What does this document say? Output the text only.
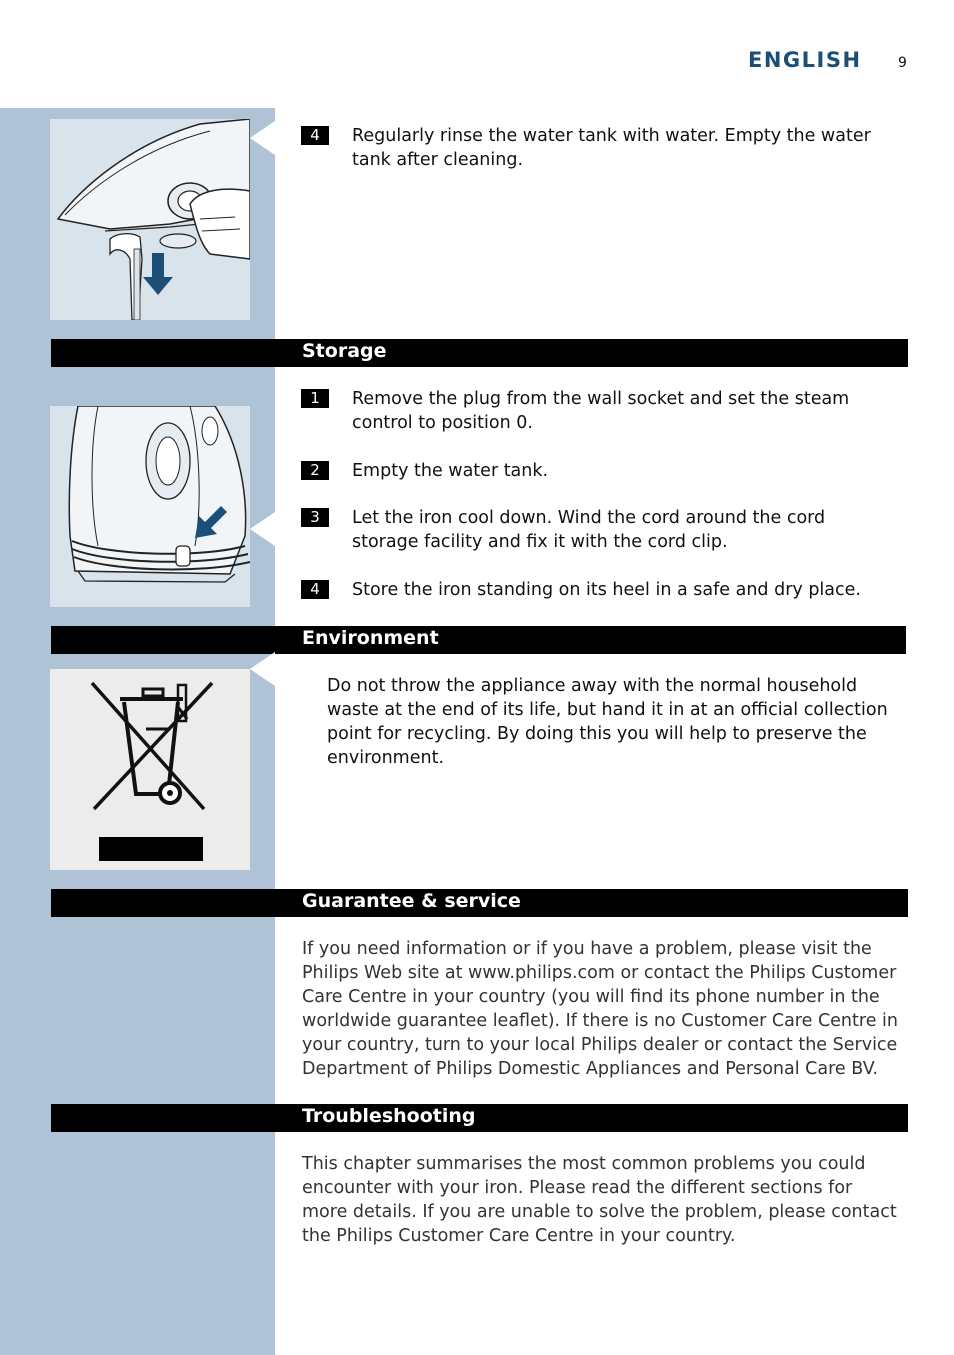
ENGLISH	9
4	Regularly rinse the water tank with water. Empty the water tank after cleaning.
Storage
1	Remove the plug from the wall socket and set the steam control to position 0.
2	Empty the water tank.
3	Let the iron cool down. Wind the cord around the cord storage facility and fix it with the cord clip.
4	Store the iron standing on its heel in a safe and dry place.
Environment
Do not throw the appliance away with the normal household waste at the end of its life, but hand it in at an official collection point for recycling. By doing this you will help to preserve the environment.
Guarantee & service
If you need information or if you have a problem, please visit the Philips Web site at www.philips.com or contact the Philips Customer Care Centre in your country (you will find its phone number in the worldwide guarantee leaflet). If there is no Customer Care Centre in your country, turn to your local Philips dealer or contact the Service Department of Philips Domestic Appliances and Personal Care BV.
Troubleshooting
This chapter summarises the most common problems you could encounter with your iron. Please read the different sections for more details. If you are unable to solve the problem, please contact the Philips Customer Care Centre in your country.
